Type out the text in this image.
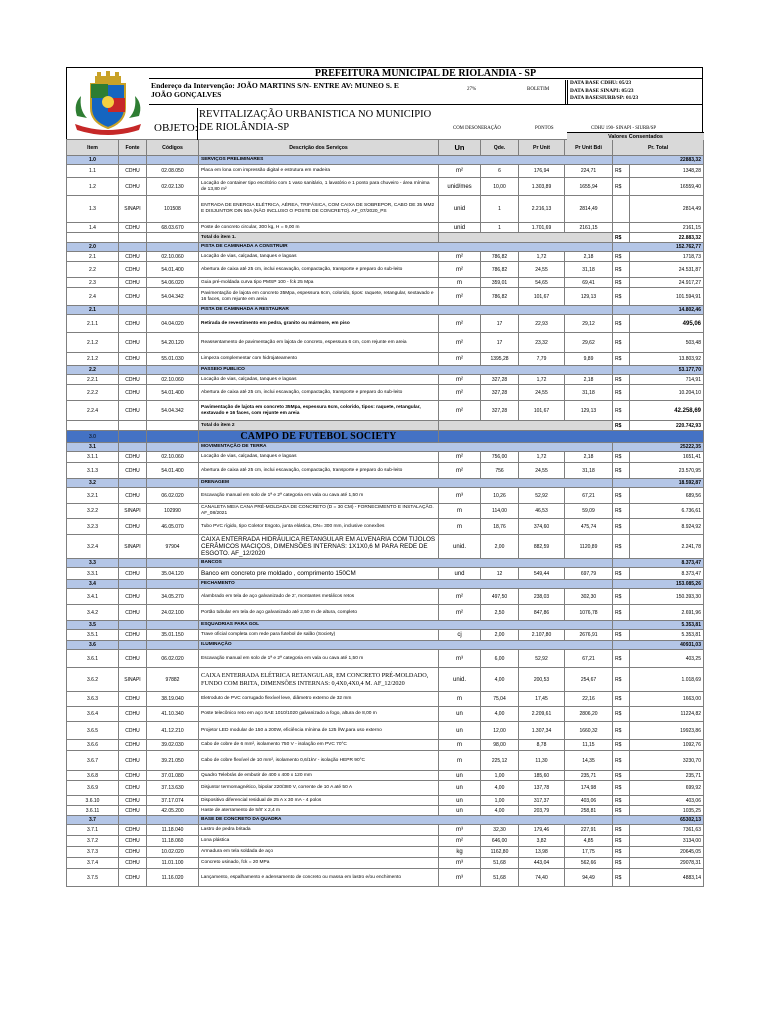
PREFEITURA MUNICIPAL DE RIOLANDIA - SP
Endereço da Intervenção: JOÃO MARTINS S/N- ENTRE AV: MUNEO S. E JOÃO GONÇALVES
27%	BOLETIM
DATA BASE CDHU: 05/23
DATA BASE SINAPI: 05/23
DATA BASESIURB/SP: 01/23
OBJETO:
REVITALIZAÇÃO URBANISTICA NO MUNICIPIO DE RIOLÂNDIA-SP	COM DESONERAÇÃO	PONTOS	CDHU 190- SINAPI - SIURB/SP
Valores Consentados
Item	Fonte	Códigos	Descrição dos Serviços	Un	Qde.	Pr Unit	Pr Unit Bdi	Pr. Total	
1.0			SERVIÇOS PRELIMINARES					22883,32	
1.1	CDHU	02.08.050	Placa em lona com impressão digital e estrutura em madeira	m²	6	176,94	224,71	R$	1348,28
1.2	CDHU	02.02.130	Locação de container tipo escritório com 1 vaso sanitário, 1 lavatório e 1 ponto para chuveiro - área mínima de 13,80 m²	unid/mes	10,00	1.303,89	1655,94	R$	16559,40
1.3	SINAPI	101508	ENTRADA DE ENERGIA ELÉTRICA, AÉREA, TRIFÁSICA, COM CAIXA DE SOBREPOR, CABO DE 35 MM2 E DISJUNTOR DIN 50A (NÃO INCLUSO O POSTE DE CONCRETO). AF_07/2020_PS	unid	1	2.216,13	2814,49		2814,49
1.4	CDHU	68.03.670	Poste de concreto circular, 300 kg, H = 9,00 m	unid	1	1.701,69	2161,15		2161,15
			Total do item 1.					R$	22.883,32
2.0			PISTA DE CAMINHADA A CONSTRUIR					152.762,77	
2.1	CDHU	02.10.060	Locação de vias, calçadas, tanques e lagoas	m²	786,82	1,72	2,18	R$	1718,73
2.2	CDHU	54.01.400	Abertura de caixa até 25 cm, inclui escavação, compactação, transporte e preparo do sub-leito	m²	786,82	24,55	31,18	R$	24.531,87
2.3	CDHU	54.06.020	Guia pré-moldada curva tipo PMSP 100 - fck 25 Mpa	m	359,01	54,65	69,41	R$	24.917,27
2.4	CDHU	54.04.342	Pavimentação de lajota em concreto 35Mpa, espessura 6cm, colorido, tipos: raquete, retangular, sextavado e 16 faces, com rejunte em areia	m²	786,82	101,67	129,13	R$	101.594,91
2.1			PISTA DE CAMINHADA A RESTAURAR					14.802,46	
2.1.1	CDHU	04.04.020	Retirada de revestimento em pedra, granito ou mármore, em piso	m²	17	22,93	29,12	R$	495,06
2.1.2	CDHU	54.20.120	Reassentamento de pavimentação em lajota de concreto, espessura 6 cm, com rejunte em areia	m²	17	23,32	29,62	R$	503,48
2.1.2	CDHU	55.01.030	Limpeza complementar com hidrojateamento	m²	1395,28	7,79	9,89	R$	13.803,92
2.2			PASSEIO PUBLICO					53.177,70	
2.2.1	CDHU	02.10.060	Locação de vias, calçadas, tanques e lagoas	m²	327,28	1,72	2,18	R$	714,91
2.2.2	CDHU	54.01.400	Abertura de caixa até 25 cm, inclui escavação, compactação, transporte e preparo do sub-leito	m²	327,28	24,55	31,18	R$	10.204,10
2.2.4	CDHU	54.04.342	Pavimentação de lajota em concreto 35Mpa, espessura 6cm, colorido, tipos: raquete, retangular, sextavado e 16 faces, com rejunte em areia	m²	327,28	101,67	129,13	R$	42.258,69
			Total do item 2					R$	220.742,93
3.0			CAMPO DE FUTEBOL SOCIETY						
3.1			MOVIMENTAÇÃO DE TERRA					25222,35	
3.1.1	CDHU	02.10.060	Locação de vias, calçadas, tanques e lagoas	m²	756,00	1,72	2,18	R$	1651,41
3.1.3	CDHU	54.01.400	Abertura de caixa até 25 cm, inclui escavação, compactação, transporte e preparo do sub-leito	m²	756	24,55	31,18	R$	23.570,95
3.2			DRENAGEM					18.592,87	
3.2.1	CDHU	06.02.020	Escavação manual em solo de 1ª e 2ª categoria em vala ou cava até 1,50 m	m³	10,26	52,92	67,21	R$	689,56
3.2.2	SINAPI	102990	CANALETA MEIA CANA PRÉ-MOLDADA DE CONCRETO (D = 30 CM) - FORNECIMENTO E INSTALAÇÃO. AF_08/2021	m	114,00	46,53	59,09	R$	6.736,61
3.2.3	CDHU	46.05.070	Tubo PVC rígido, tipo Coletor Esgoto, junta elástica, DN= 300 mm, inclusive conexões	m	18,76	374,60	475,74	R$	8.924,92
3.2.4	SINAPI	97904	CAIXA ENTERRADA HIDRÁULICA RETANGULAR EM ALVENARIA COM TIJOLOS CERÂMICOS MACIÇOS, DIMENSÕES INTERNAS: 1X1X0,6 M PARA REDE DE ESGOTO. AF_12/2020	unid.	2,00	882,59	1120,89	R$	2.241,78
3.3			BANCOS					8.373,47	
3.3.1	CDHU	35.04.120	Banco em concreto pre moldado , comprimento 150CM	und	12	549,44	697,79	R$	8.373,47
3.4			FECHAMENTO					153.085,26	
3.4.1	CDHU	34.05.270	Alambrado em tela de aço galvanizado de 2', montantes metálicos retos	m²	497,50	238,03	302,30	R$	150.393,30
3.4.2	CDHU	24.02.100	Portão tubular em tela de aço galvanizado até 2,50 m de altura, completo	m²	2,50	847,86	1076,78	R$	2.691,96
3.5			ESQUADRIAS PARA GOL					5.353,81	
3.5.1	CDHU	35.01.150	Trave oficial completa com rede para futebol de salão (Society)	cj	2,00	2.107,80	2676,91	R$	5.353,81
3.6			ILUMINAÇÃO					40931,03	
3.6.1	CDHU	06.02.020	Escavação manual em solo de 1ª e 2ª categoria em vala ou cava até 1,50 m	m³	6,00	52,92	67,21	R$	403,25
3.6.2	SINAPI	97882	CAIXA ENTERRADA ELÉTRICA RETANGULAR, EM CONCRETO PRÉ-MOLDADO, FUNDO COM BRITA, DIMENSÕES INTERNAS: 0,4X0,4X0,4 M. AF_12/2020	unid.	4,00	200,53	254,67	R$	1.018,69
3.6.3	CDHU	38.19.040	Eletroduto de PVC corrugado flexível leve, diâmetro externo de 32 mm	m	75,04	17,45	22,16	R$	1663,00
3.6.4	CDHU	41.10.340	Poste telecônico reto em aço SAE 1010/1020 galvanizado a fogo, altura de 8,00 m	un	4,00	2.209,61	2806,20	R$	11224,82
3.6.5	CDHU	41.12.210	Projetor LED modular de 150 a 200W, eficiência mínima de 125 l/W,para uso externo	un	12,00	1.307,34	1660,32	R$	19923,86
3.6.6	CDHU	39.02.030	Cabo de cobre de 6 mm², isolamento 750 V - isolação em PVC 70°C	m	98,00	8,78	11,15	R$	1092,76
3.6.7	CDHU	39.21.050	Cabo de cobre flexível de 10 mm², isolamento 0,6/1kV - isolação HEPR 90°C	m	225,12	11,30	14,35	R$	3230,70
3.6.8	CDHU	37.01.080	Quadro Telebrás de embutir de 400 x 400 x 120 mm	un	1,00	185,60	235,71	R$	235,71
3.6.9	CDHU	37.13.630	Disjuntor termomagnético, bipolar 220/380 V, corrente de 10 A até 50 A	un	4,00	137,78	174,98	R$	699,92
3.6.10	CDHU	37.17.074	Dispositivo diferencial residual de 25 A x 30 mA - 4 polos	un	1,00	317,37	403,06	R$	403,06
3.6.11	CDHU	42.05.200	Haste de aterramento de 5/8' x 2,4 m	un	4,00	203,79	258,81	R$	1035,25
3.7			BASE DE CONCRETO DA QUADRA					65302,13	
3.7.1	CDHU	11.18.040	Lastro de pedra britada	m³	32,30	179,46	227,91	R$	7361,63
3.7.2	CDHU	11.18.060	Lona plástica	m²	646,00	3,82	4,85	R$	3134,00
3.7.3	CDHU	10.02.020	Armadura em tela soldada de aço	kg	1162,80	13,98	17,75	R$	20645,05
3.7.4	CDHU	11.01.100	Concreto usinado, fck = 20 MPa	m³	51,68	443,04	562,66	R$	29078,31
3.7.5	CDHU	11.16.020	Lançamento, espalhamento e adensamento de concreto ou massa em lastro e/ou enchimento	m³	51,68	74,40	94,49	R$	4883,14
